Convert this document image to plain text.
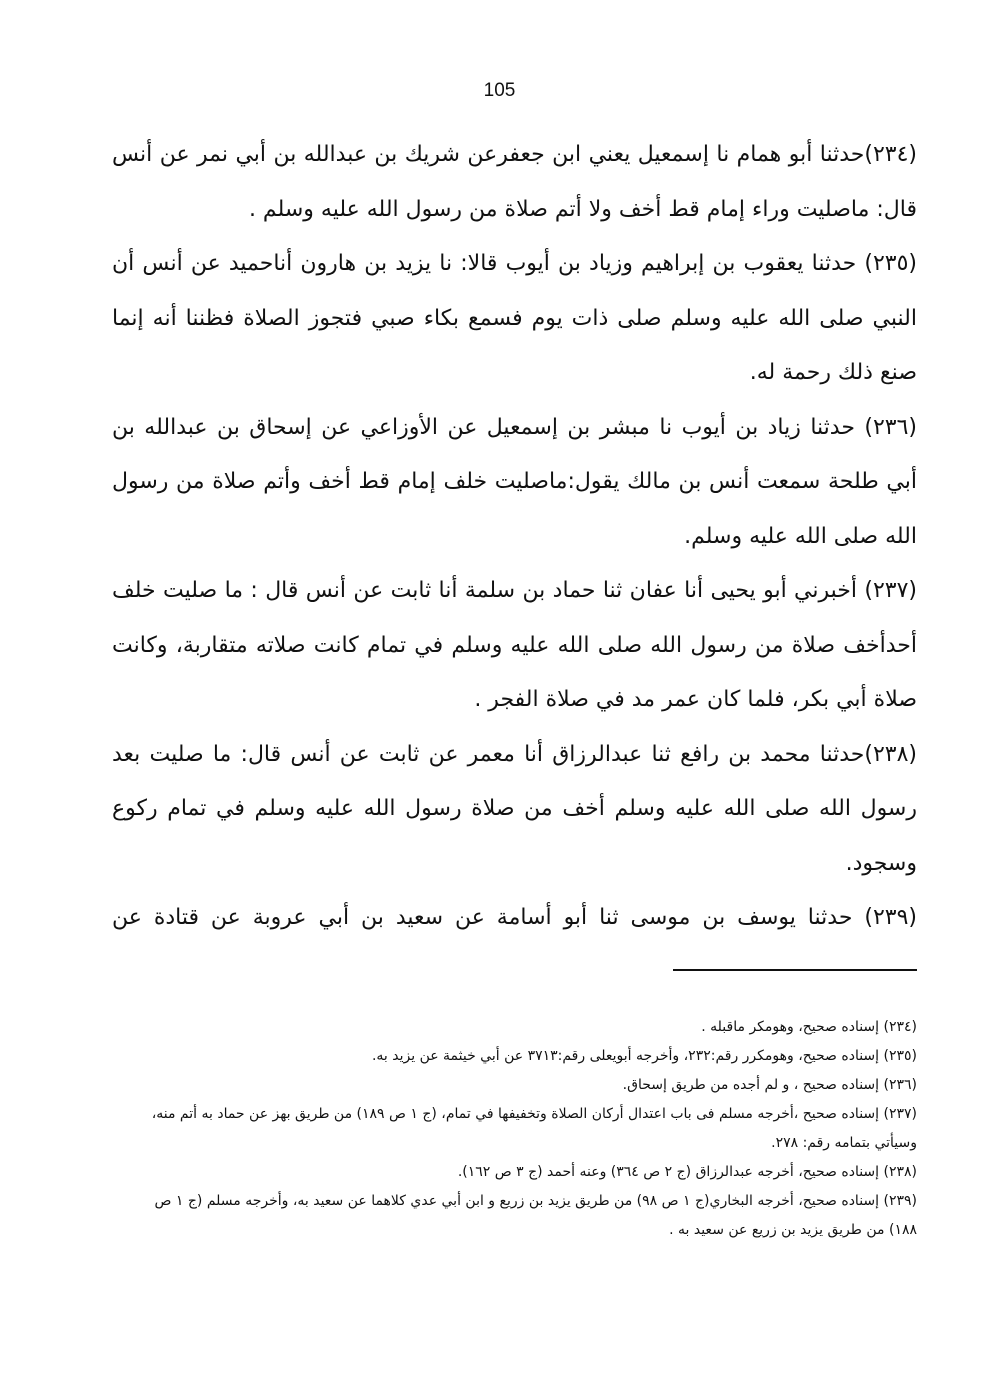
105

(٢٣٤)حدثنا أبو همام نا إسمعيل يعني ابن جعفرعن شريك بن عبدالله بن أبي نمر عن أنس قال: ماصليت وراء إمام قط أخف ولا أتم صلاة من رسول الله عليه وسلم .

(٢٣٥) حدثنا يعقوب بن إبراهيم وزياد بن أيوب قالا: نا يزيد بن هارون أناحميد عن أنس أن النبي صلى الله عليه وسلم صلى ذات يوم فسمع بكاء صبي فتجوز الصلاة فظننا أنه إنما صنع ذلك رحمة له.

(٢٣٦) حدثنا زياد بن أيوب نا مبشر بن إسمعيل عن الأوزاعي عن إسحاق بن عبدالله بن أبي طلحة سمعت أنس بن مالك يقول:ماصليت خلف إمام قط أخف وأتم صلاة من رسول الله صلى الله عليه وسلم.

(٢٣٧) أخبرني أبو يحيى أنا عفان ثنا حماد بن سلمة أنا ثابت عن أنس قال : ما صليت خلف أحدأخف صلاة من رسول الله صلى الله عليه وسلم في تمام كانت صلاته متقاربة، وكانت صلاة أبي بكر، فلما كان عمر مد في صلاة الفجر .

(٢٣٨)حدثنا محمد بن رافع ثنا عبدالرزاق أنا معمر عن ثابت عن أنس قال: ما صليت بعد رسول الله صلى الله عليه وسلم أخف من صلاة رسول الله عليه وسلم في تمام ركوع وسجود.

(٢٣٩) حدثنا يوسف بن موسى ثنا أبو أسامة عن سعيد بن أبي عروبة عن قتادة عن

(٢٣٤) إسناده صحيح، وهومكر ماقبله .

(٢٣٥) إسناده صحيح، وهومكرر رقم:٢٣٢، وأخرجه أبويعلى رقم:٣٧١٣ عن أبي خيثمة عن يزيد به.

(٢٣٦) إسناده صحيح ، و لم أجده من طريق إسحاق.

(٢٣٧) إسناده صحيح ،أخرجه مسلم فى باب اعتدال أركان الصلاة وتخفيفها في تمام، (ج ١ ص ١٨٩) من طريق بهز عن حماد به أتم منه، وسيأتي بتمامه رقم: ٢٧٨.

(٢٣٨) إسناده صحيح، أخرجه عبدالرزاق (ج ٢ ص ٣٦٤) وعنه أحمد (ج ٣ ص ١٦٢).

(٢٣٩) إسناده صحيح، أخرجه البخاري(ج ١ ص ٩٨) من طريق يزيد بن زريع و ابن أبي عدي كلاهما عن سعيد به، وأخرجه مسلم (ج ١ ص ١٨٨) من طريق يزيد بن زريع عن سعيد به .
